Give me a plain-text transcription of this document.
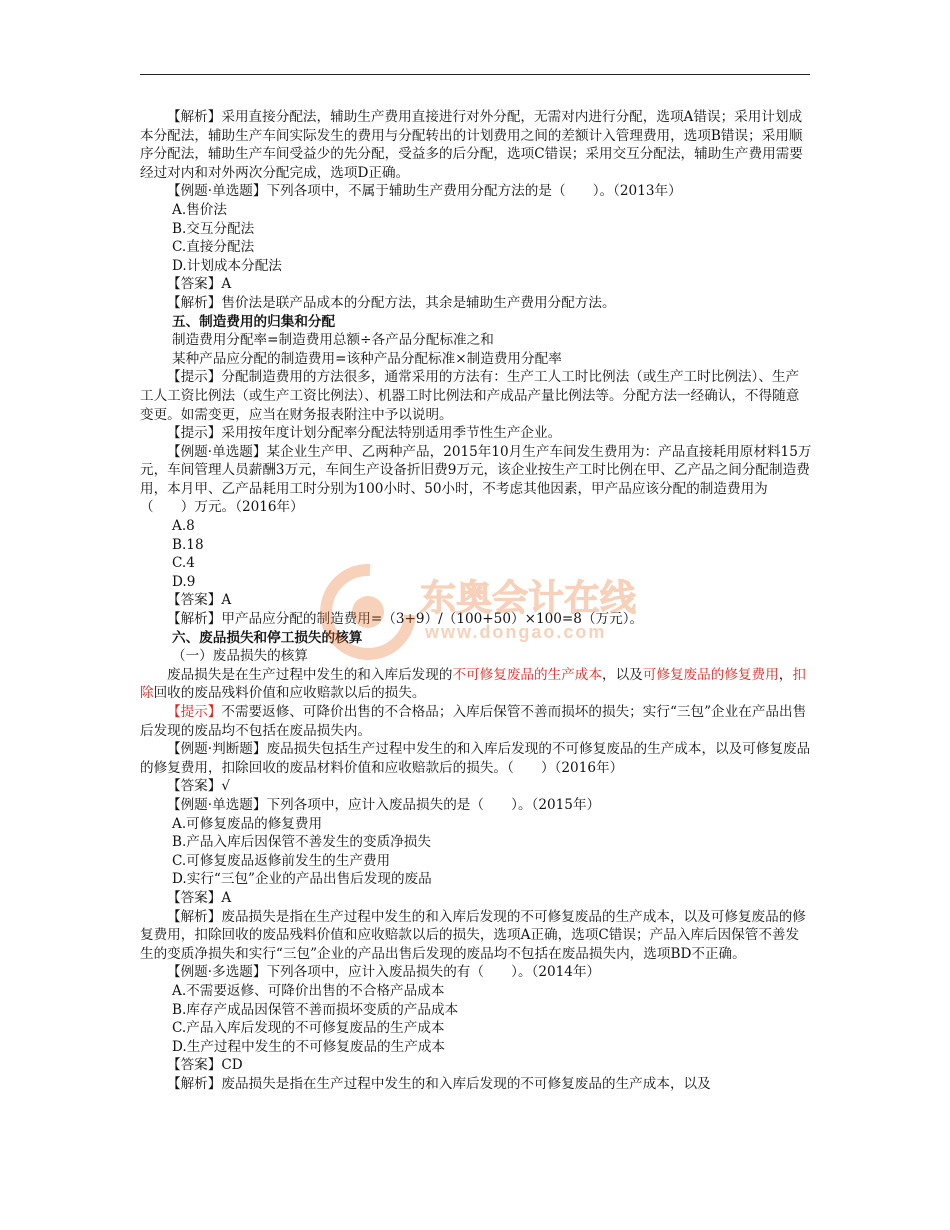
【解析】采用直接分配法，辅助生产费用直接进行对外分配，无需对内进行分配，选项A错误；采用计划成本分配法，辅助生产车间实际发生的费用与分配转出的计划费用之间的差额计入管理费用，选项B错误；采用顺序分配法，辅助生产车间受益少的先分配，受益多的后分配，选项C错误；采用交互分配法，辅助生产费用需要经过对内和对外两次分配完成，选项D正确。

【例题·单选题】下列各项中，不属于辅助生产费用分配方法的是（　　）。（2013年）

A.售价法

B.交互分配法

C.直接分配法

D.计划成本分配法

【答案】A

【解析】售价法是联产品成本的分配方法，其余是辅助生产费用分配方法。

五、制造费用的归集和分配

制造费用分配率=制造费用总额÷各产品分配标准之和

某种产品应分配的制造费用=该种产品分配标准×制造费用分配率

【提示】分配制造费用的方法很多，通常采用的方法有：生产工人工时比例法（或生产工时比例法）、生产工人工资比例法（或生产工资比例法）、机器工时比例法和产成品产量比例法等。分配方法一经确认，不得随意变更。如需变更，应当在财务报表附注中予以说明。

【提示】采用按年度计划分配率分配法特别适用季节性生产企业。

【例题·单选题】某企业生产甲、乙两种产品，2015年10月生产车间发生费用为：产品直接耗用原材料15万元，车间管理人员薪酬3万元，车间生产设备折旧费9万元，该企业按生产工时比例在甲、乙产品之间分配制造费用，本月甲、乙产品耗用工时分别为100小时、50小时，不考虑其他因素，甲产品应该分配的制造费用为（　　）万元。（2016年）

A.8

B.18

C.4

D.9

【答案】A

【解析】甲产品应分配的制造费用=（3+9）/（100+50）×100=8（万元）。

六、废品损失和停工损失的核算

（一）废品损失的核算

废品损失是在生产过程中发生的和入库后发现的不可修复废品的生产成本，以及可修复废品的修复费用，扣除回收的废品残料价值和应收赔款以后的损失。

【提示】不需要返修、可降价出售的不合格品；入库后保管不善而损坏的损失；实行“三包”企业在产品出售后发现的废品均不包括在废品损失内。

【例题·判断题】废品损失包括生产过程中发生的和入库后发现的不可修复废品的生产成本，以及可修复废品的修复费用，扣除回收的废品材料价值和应收赔款后的损失。（　　）（2016年）

【答案】√

【例题·单选题】下列各项中，应计入废品损失的是（　　）。（2015年）

A.可修复废品的修复费用

B.产品入库后因保管不善发生的变质净损失

C.可修复废品返修前发生的生产费用

D.实行“三包”企业的产品出售后发现的废品

【答案】A

【解析】废品损失是指在生产过程中发生的和入库后发现的不可修复废品的生产成本，以及可修复废品的修复费用，扣除回收的废品残料价值和应收赔款以后的损失，选项A正确，选项C错误；产品入库后因保管不善发生的变质净损失和实行“三包”企业的产品出售后发现的废品均不包括在废品损失内，选项BD不正确。

【例题·多选题】下列各项中，应计入废品损失的有（　　）。（2014年）

A.不需要返修、可降价出售的不合格产品成本

B.库存产成品因保管不善而损坏变质的产品成本

C.产品入库后发现的不可修复废品的生产成本

D.生产过程中发生的不可修复废品的生产成本

【答案】CD

【解析】废品损失是指在生产过程中发生的和入库后发现的不可修复废品的生产成本，以及

东奥会计在线
www.dongao.com
